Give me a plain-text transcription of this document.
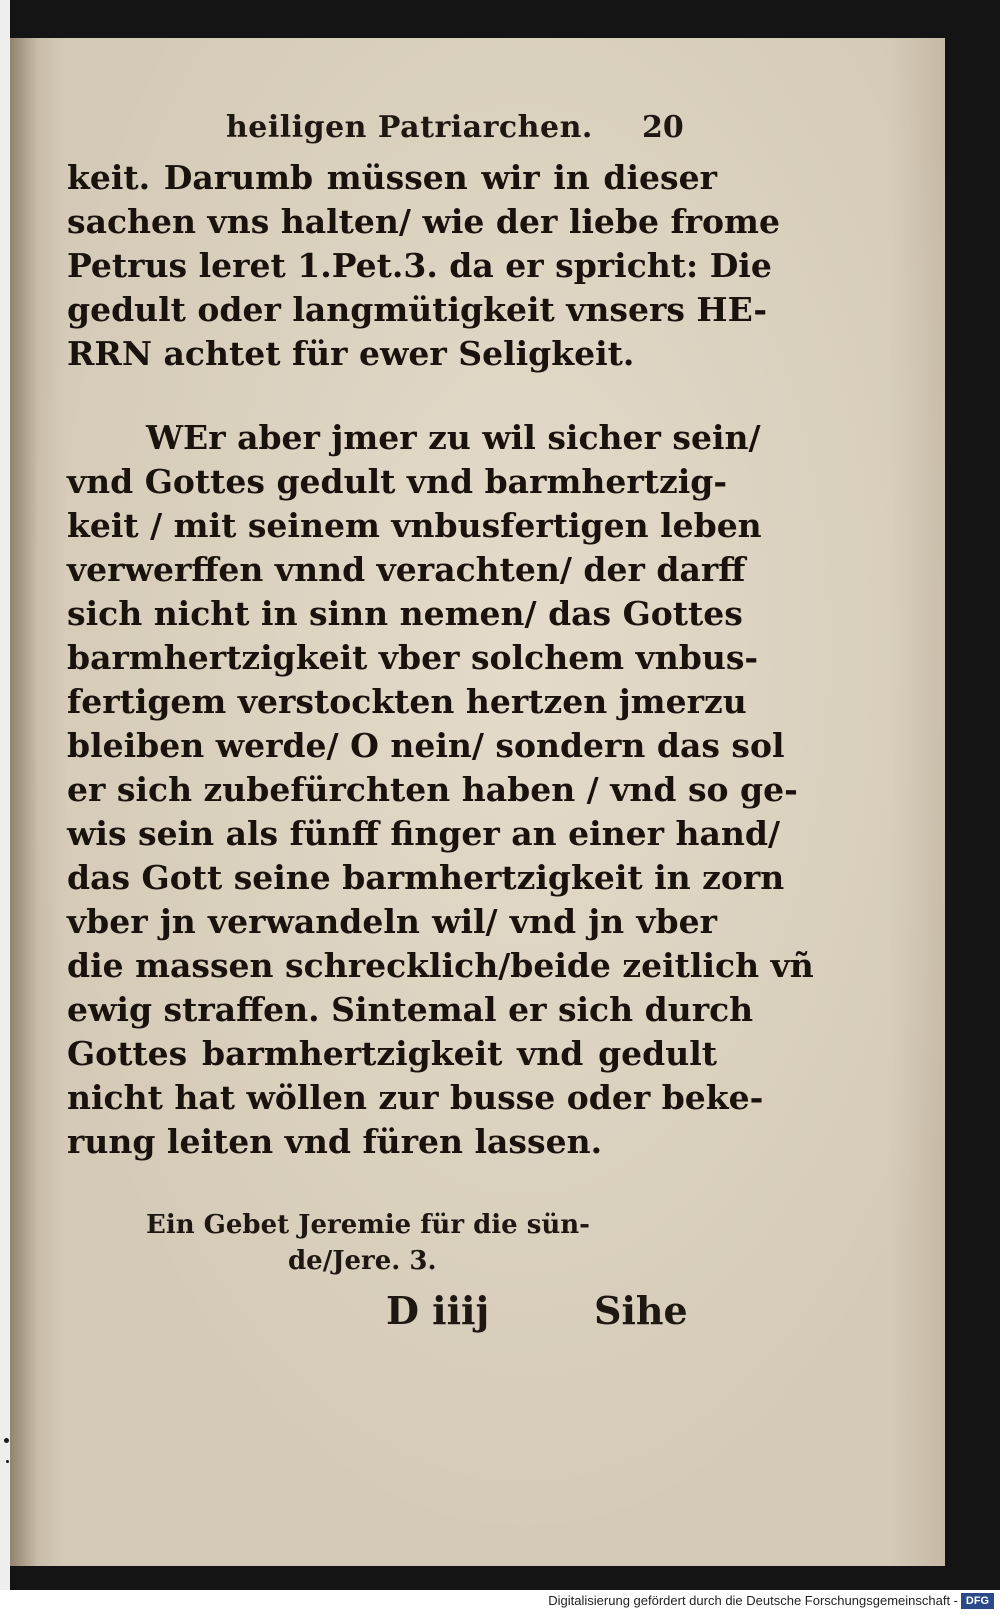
heiligen Patriarchen. 20
keit. Darumb müssen wir in dieser
sachen vns halten/ wie der liebe frome
Petrus leret 1.Pet.3. da er spricht: Die
gedult oder langmütigkeit vnsers HE-
RRN achtet für ewer Seligkeit.
WEr aber jmer zu wil sicher sein/
vnd Gottes gedult vnd barmhertzig-
keit / mit seinem vnbusfertigen leben
verwerffen vnnd verachten/ der darff
sich nicht in sinn nemen/ das Gottes
barmhertzigkeit vber solchem vnbus-
fertigem verstockten hertzen jmerzu
bleiben werde/ O nein/ sondern das sol
er sich zubefürchten haben / vnd so ge-
wis sein als fünff finger an einer hand/
das Gott seine barmhertzigkeit in zorn
vber jn verwandeln wil/ vnd jn vber
die massen schrecklich/beide zeitlich vñ
ewig straffen. Sintemal er sich durch
Gottes barmhertzigkeit vnd gedult
nicht hat wöllen zur busse oder beke-
rung leiten vnd füren lassen.
Ein Gebet Jeremie für die sün-
de/Jere. 3.
D iiij	Sihe
Digitalisierung gefördert durch die Deutsche Forschungsgemeinschaft - DFG
